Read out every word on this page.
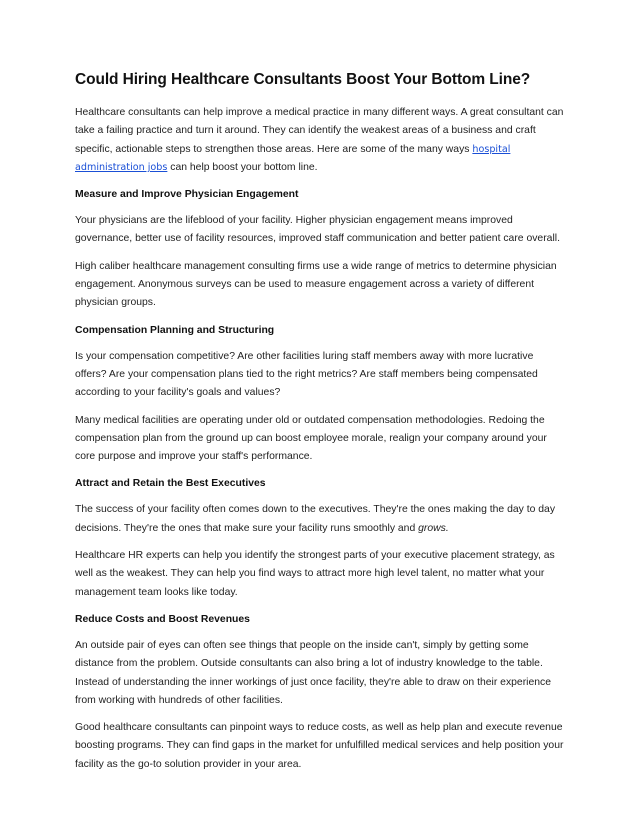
Could Hiring Healthcare Consultants Boost Your Bottom Line?

Healthcare consultants can help improve a medical practice in many different ways. A great consultant can take a failing practice and turn it around. They can identify the weakest areas of a business and craft specific, actionable steps to strengthen those areas. Here are some of the many ways hospital administration jobs can help boost your bottom line.

Measure and Improve Physician Engagement

Your physicians are the lifeblood of your facility. Higher physician engagement means improved governance, better use of facility resources, improved staff communication and better patient care overall.

High caliber healthcare management consulting firms use a wide range of metrics to determine physician engagement. Anonymous surveys can be used to measure engagement across a variety of different physician groups.

Compensation Planning and Structuring

Is your compensation competitive? Are other facilities luring staff members away with more lucrative offers? Are your compensation plans tied to the right metrics? Are staff members being compensated according to your facility's goals and values?

Many medical facilities are operating under old or outdated compensation methodologies. Redoing the compensation plan from the ground up can boost employee morale, realign your company around your core purpose and improve your staff's performance.

Attract and Retain the Best Executives

The success of your facility often comes down to the executives. They're the ones making the day to day decisions. They're the ones that make sure your facility runs smoothly and grows.

Healthcare HR experts can help you identify the strongest parts of your executive placement strategy, as well as the weakest. They can help you find ways to attract more high level talent, no matter what your management team looks like today.

Reduce Costs and Boost Revenues

An outside pair of eyes can often see things that people on the inside can't, simply by getting some distance from the problem. Outside consultants can also bring a lot of industry knowledge to the table. Instead of understanding the inner workings of just once facility, they're able to draw on their experience from working with hundreds of other facilities.

Good healthcare consultants can pinpoint ways to reduce costs, as well as help plan and execute revenue boosting programs. They can find gaps in the market for unfulfilled medical services and help position your facility as the go-to solution provider in your area.
